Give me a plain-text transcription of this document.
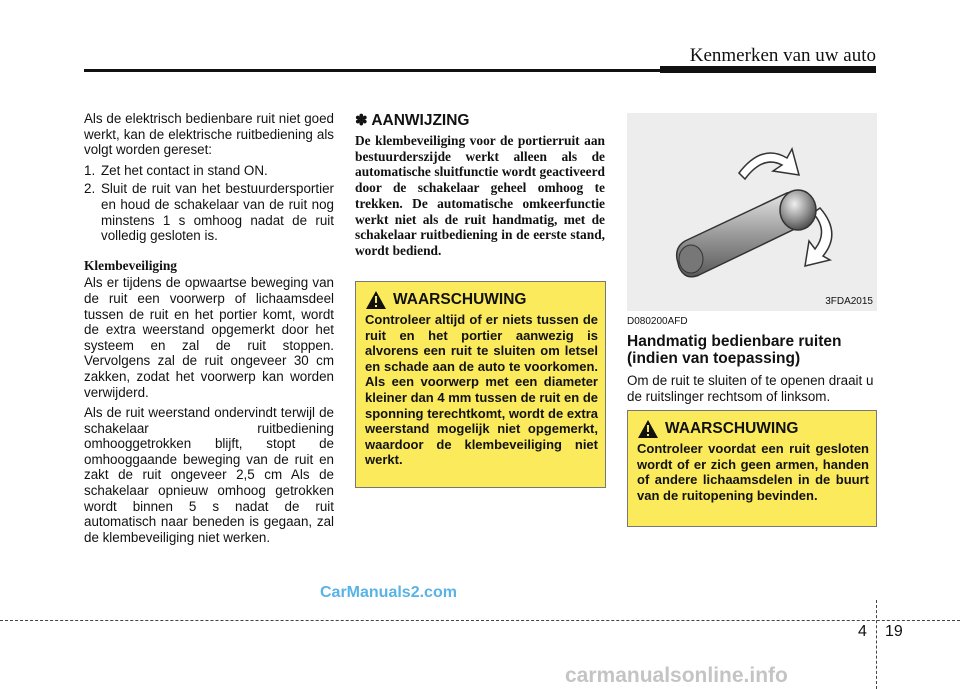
Kenmerken van uw auto

Als de elektrisch bedienbare ruit niet goed werkt, kan de elektrische ruitbediening als volgt worden gereset:

1. Zet het contact in stand ON.
2. Sluit de ruit van het bestuurdersportier en houd de schakelaar van de ruit nog minstens 1 s omhoog nadat de ruit volledig gesloten is.
Klembeveiliging

Als er tijdens de opwaartse beweging van de ruit een voorwerp of lichaamsdeel tussen de ruit en het portier komt, wordt de extra weerstand opgemerkt door het systeem en zal de ruit stoppen. Vervolgens zal de ruit ongeveer 30 cm zakken, zodat het voorwerp kan worden verwijderd.

Als de ruit weerstand ondervindt terwijl de schakelaar ruitbediening omhooggetrokken blijft, stopt de omhooggaande beweging van de ruit en zakt de ruit ongeveer 2,5 cm Als de schakelaar opnieuw omhoog getrokken wordt binnen 5 s nadat de ruit automatisch naar beneden is gegaan, zal de klembeveiliging niet werken.

✽ AANWIJZING

De klembeveiliging voor de portierruit aan bestuurderszijde werkt alleen als de automatische sluitfunctie wordt geactiveerd door de schakelaar geheel omhoog te trekken. De automatische omkeerfunctie werkt niet als de ruit handmatig, met de schakelaar ruitbediening in de eerste stand, wordt bediend.

WAARSCHUWING

Controleer altijd of er niets tussen de ruit en het portier aanwezig is alvorens een ruit te sluiten om letsel en schade aan de auto te voorkomen. Als een voorwerp met een diameter kleiner dan 4 mm tussen de ruit en de sponning terechtkomt, wordt de extra weerstand mogelijk niet opgemerkt, waardoor de klembeveiliging niet werkt.

3FDA2015
D080200AFD
Handmatig bedienbare ruiten (indien van toepassing)

Om de ruit te sluiten of te openen draait u de ruitslinger rechtsom of linksom.

WAARSCHUWING

Controleer voordat een ruit gesloten wordt of er zich geen armen, handen of andere lichaamsdelen in de buurt van de ruitopening bevinden.

CarManuals2.com
4 19
carmanualsonline.info
